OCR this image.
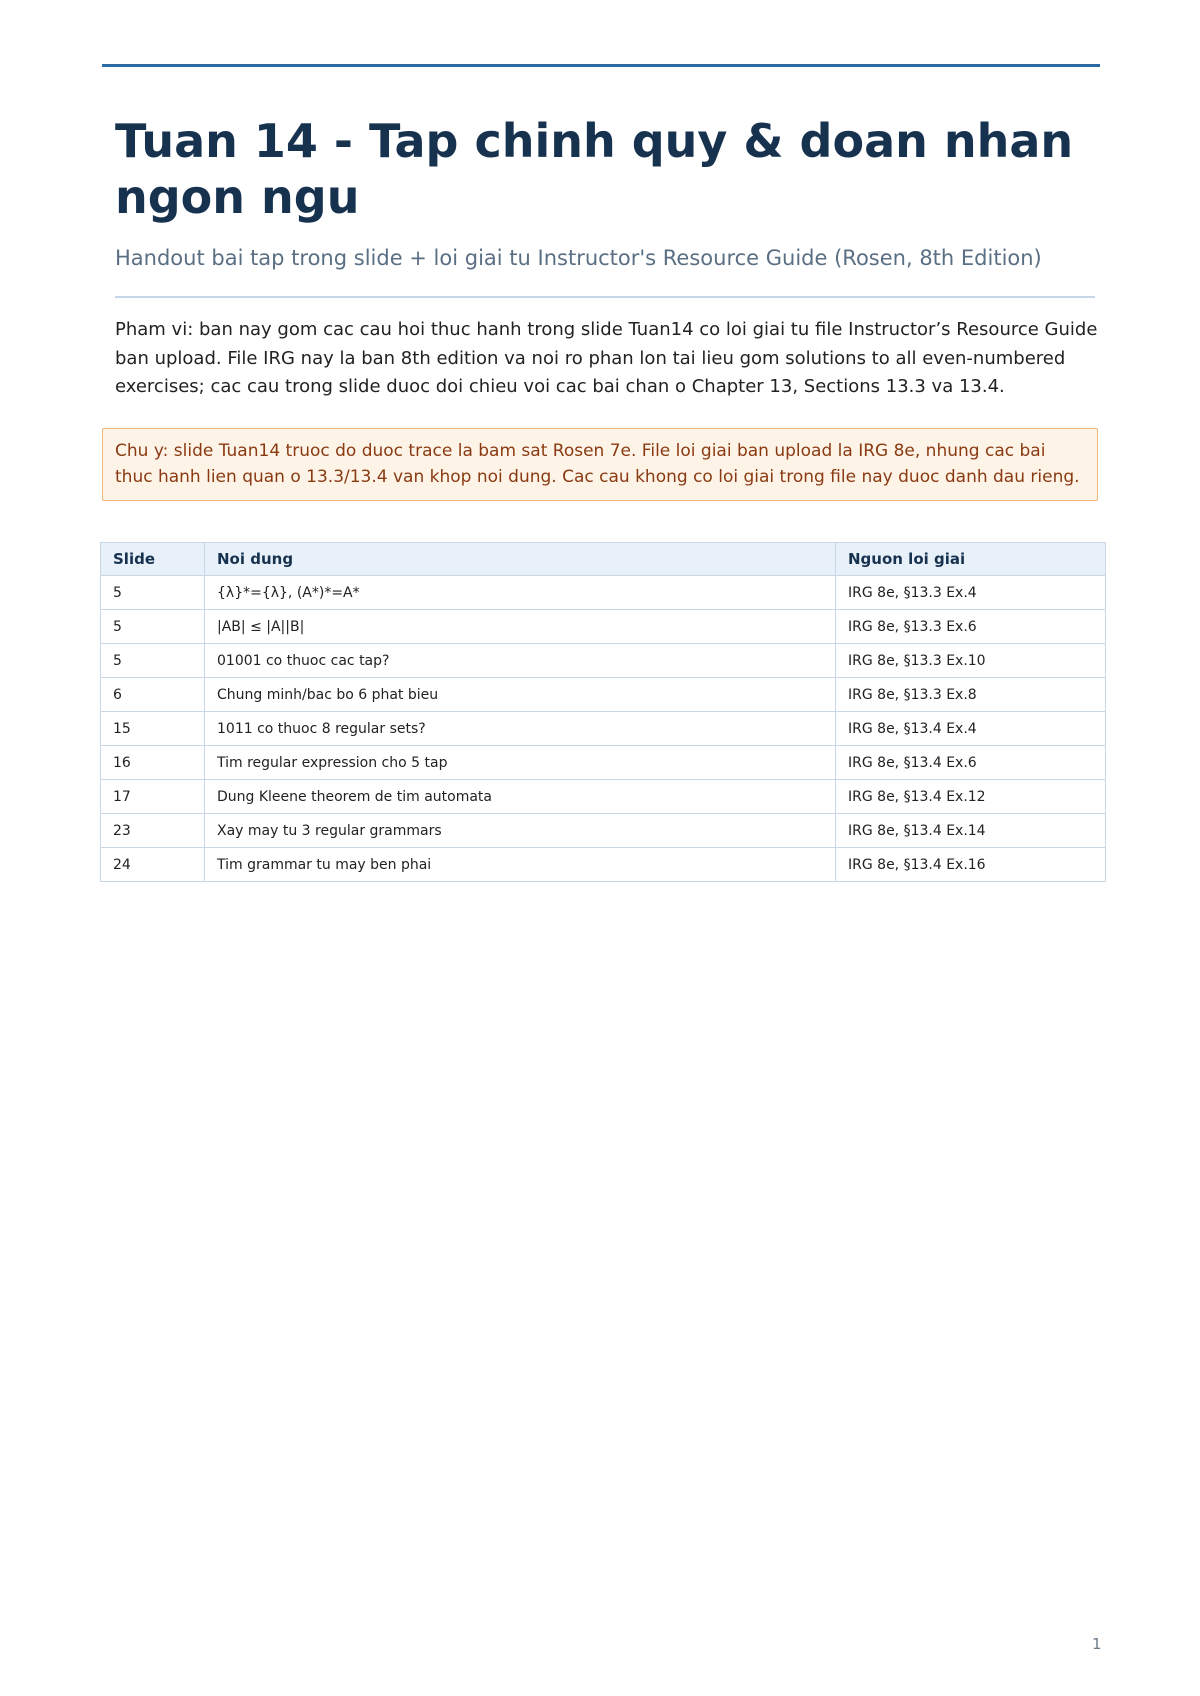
Tuan 14 - Tap chinh quy & doan nhan ngon ngu

Handout bai tap trong slide + loi giai tu Instructor's Resource Guide (Rosen, 8th Edition)

Pham vi: ban nay gom cac cau hoi thuc hanh trong slide Tuan14 co loi giai tu file Instructor’s Resource Guide ban upload. File IRG nay la ban 8th edition va noi ro phan lon tai lieu gom solutions to all even-numbered exercises; cac cau trong slide duoc doi chieu voi cac bai chan o Chapter 13, Sections 13.3 va 13.4.

Chu y: slide Tuan14 truoc do duoc trace la bam sat Rosen 7e. File loi giai ban upload la IRG 8e, nhung cac bai thuc hanh lien quan o 13.3/13.4 van khop noi dung. Cac cau khong co loi giai trong file nay duoc danh dau rieng.
Slide	Noi dung	Nguon loi giai
5	{λ}*={λ}, (A*)*=A*	IRG 8e, §13.3 Ex.4
5	|AB| ≤ |A||B|	IRG 8e, §13.3 Ex.6
5	01001 co thuoc cac tap?	IRG 8e, §13.3 Ex.10
6	Chung minh/bac bo 6 phat bieu	IRG 8e, §13.3 Ex.8
15	1011 co thuoc 8 regular sets?	IRG 8e, §13.4 Ex.4
16	Tim regular expression cho 5 tap	IRG 8e, §13.4 Ex.6
17	Dung Kleene theorem de tim automata	IRG 8e, §13.4 Ex.12
23	Xay may tu 3 regular grammars	IRG 8e, §13.4 Ex.14
24	Tim grammar tu may ben phai	IRG 8e, §13.4 Ex.16
1
